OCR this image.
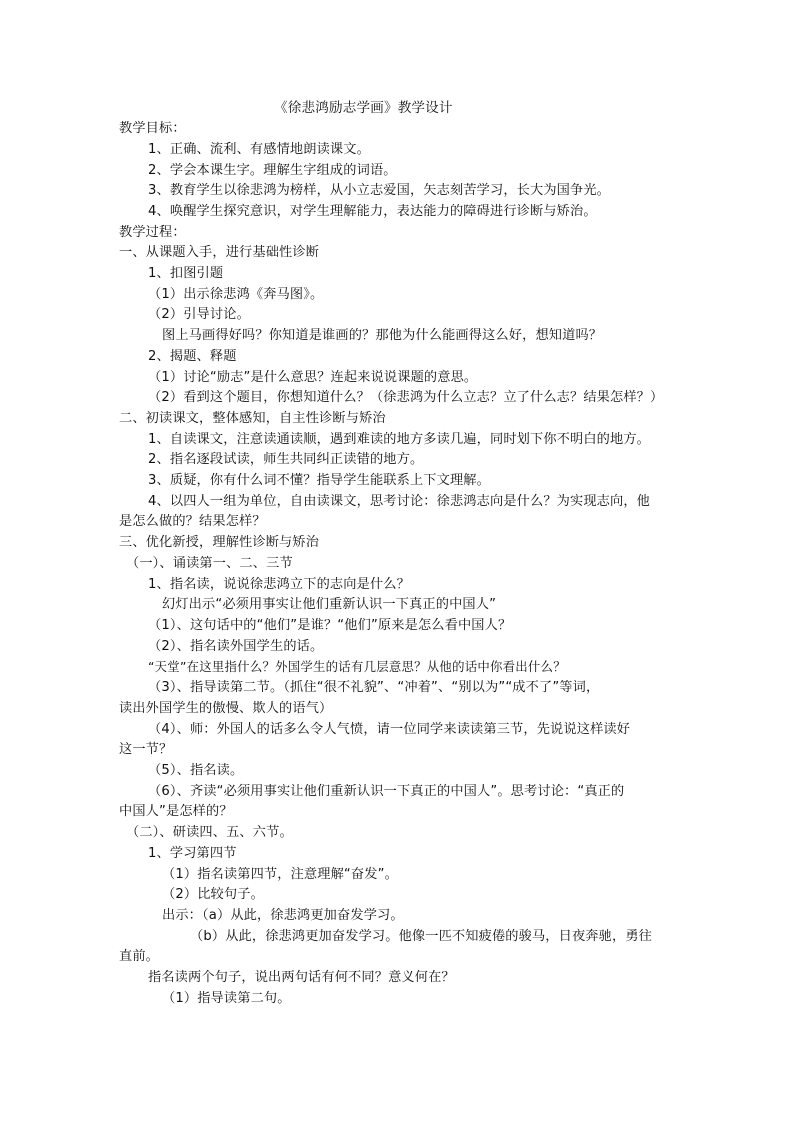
《徐悲鸿励志学画》教学设计
教学目标：
1、正确、流利、有感情地朗读课文。
2、学会本课生字。理解生字组成的词语。
3、教育学生以徐悲鸿为榜样，从小立志爱国，矢志刻苦学习，长大为国争光。
4、唤醒学生探究意识，对学生理解能力，表达能力的障碍进行诊断与矫治。
教学过程：
一、从课题入手，进行基础性诊断
1、扣图引题
（1）出示徐悲鸿《奔马图》。
（2）引导讨论。
图上马画得好吗？你知道是谁画的？那他为什么能画得这么好，想知道吗？
2、揭题、释题
（1）讨论“励志”是什么意思？连起来说说课题的意思。
（2）看到这个题目，你想知道什么？（徐悲鸿为什么立志？立了什么志？结果怎样？）
二、初读课文，整体感知，自主性诊断与矫治
1、自读课文，注意读通读顺，遇到难读的地方多读几遍，同时划下你不明白的地方。
2、指名逐段试读，师生共同纠正读错的地方。
3、质疑，你有什么词不懂？指导学生能联系上下文理解。
4、以四人一组为单位，自由读课文，思考讨论：徐悲鸿志向是什么？为实现志向，他
是怎么做的？结果怎样？
三、优化新授，理解性诊断与矫治
（一）、诵读第一、二、三节
1、指名读，说说徐悲鸿立下的志向是什么？
幻灯出示“必须用事实让他们重新认识一下真正的中国人”
（1）、这句话中的“他们”是谁？“他们”原来是怎么看中国人？
（2）、指名读外国学生的话。
“天堂”在这里指什么？外国学生的话有几层意思？从他的话中你看出什么？
（3）、指导读第二节。（抓住“很不礼貌”、“冲着”、“别以为”“成不了”等词，
读出外国学生的傲慢、欺人的语气）
（4）、师：外国人的话多么令人气愤，请一位同学来读读第三节，先说说这样读好
这一节？
（5）、指名读。
（6）、齐读“必须用事实让他们重新认识一下真正的中国人”。思考讨论：“真正的
中国人”是怎样的？
（二）、研读四、五、六节。
1、学习第四节
（1）指名读第四节，注意理解“奋发”。
（2）比较句子。
出示：（a）从此，徐悲鸿更加奋发学习。
（b）从此，徐悲鸿更加奋发学习。他像一匹不知疲倦的骏马，日夜奔驰，勇往
直前。
指名读两个句子，说出两句话有何不同？意义何在？
（1）指导读第二句。
